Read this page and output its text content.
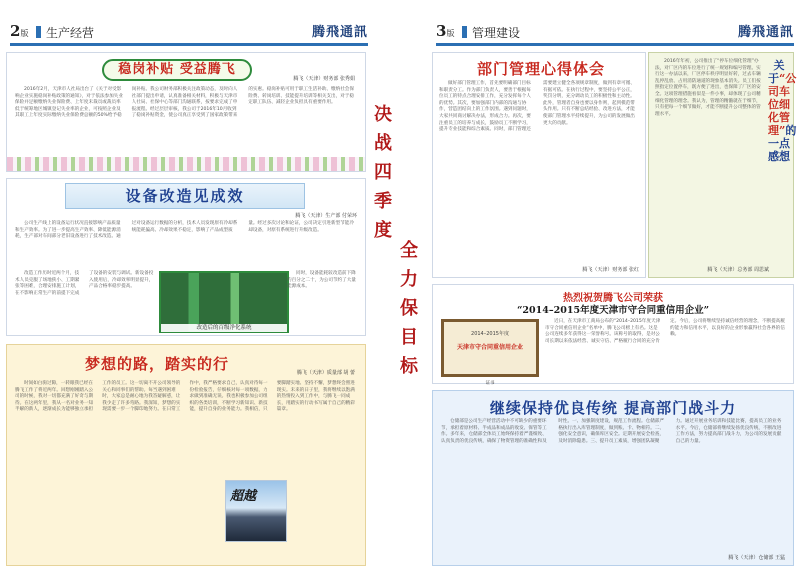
2版	生产经营	腾飛通訊
稳岗补贴 受益腾飞
腾飞（天津）财务部 张秀娟
2016年2月，天津市人社局出台了《关于对受影响企业实施稳岗补贴政策的通知》，对于依法参加失业保险并足额缴纳失业保险费、上年度未裁员或裁员率低于统筹地区城镇登记失业率的企业，可按照企业及其职工上年度实际缴纳失业保险费总额的50%给予稳岗补贴。我公司财务部积极关注政策动态，及时向人社部门提出申请，认真准备相关材料，积极与天津市人社局、社保中心等部门沟通联系，按要求完成了申报流程。经过层层审核，我公司于2016年10月收到了稳岗补贴资金，使公司真正享受到了国家政策带来的实惠。稳岗补贴可用于职工生活补助、缴纳社会保险费、转岗培训、技能提升培训等相关支出，对于稳定职工队伍、减轻企业负担具有重要作用。
设备改造见成效
腾飞（天津）生产部 付荣环
公司生产线上的设备运行状况直接影响产品质量和生产效率。为了进一步提高生产效率、降低能源消耗，生产部对车间部分老旧设备进行了技术改造。通过对设备运行数据的分析，技术人员发现原有冷却系统能耗偏高、冷却效果不稳定，影响了产品成型质量。经过多次讨论和论证，公司决定引进新型节能冷却设备，对原有系统进行升级改造。
改造工作历时近两个月，技术人员克服了场地狭小、工期紧张等困难，合理安排施工计划，在不影响正常生产的前提下完成了设备的安装与调试。新设备投入使用后，冷却效率明显提升，产品合格率稳步提高。
改造后的百级净化系统
同时，设备能耗较改造前下降约百分之二十，为公司节约了大量能源成本。
梦想的路，踏实的行	腾飞（天津）质量部 胡 蕾
时间如白驹过隙，一转眼我已经在腾飞工作了将近两年。回想刚刚踏入公司的时候，我对一切都充满了好奇与期待。在这两年里，我从一名对业务一知半解的新人，逐渐成长为能够独立承担工作的员工。这一切离不开公司领导的关心和同事们的帮助。每当遇到困难时，大家总是耐心地为我答疑解惑，让我少走了许多弯路。我深知，梦想的实现需要一步一个脚印地努力。在日常工作中，我严格要求自己，认真对待每一份检验报告，仔细核对每一项数据，力求做到准确无误。我也积极参加公司组织的各类培训，不断学习新知识、新技能，提升自身的业务能力。我相信，只要脚踏实地、坚持不懈，梦想终会照进现实。未来的日子里，我将继续以饱满的热情投入到工作中，与腾飞一同成长，用踏实的行动书写属于自己的精彩篇章。
超越
决战四季度
全力保目标
3版	管理建设	腾飛通訊
部门管理心得体会
做好部门管理工作，首先要明确部门目标和职责分工。作为部门负责人，要善于根据每位员工的特点合理安排工作，充分发挥每个人的优势。其次，要加强部门内部的沟通与协作，营造团结向上的工作氛围。遇到问题时，大家共同商讨解决办法，形成合力。再次，要注重员工的培养与成长，鼓励员工不断学习，提升专业技能和综合素质。同时，部门管理还需要建立健全各项规章制度，做到有章可循、有据可依。在执行过程中，要坚持公平公正，奖罚分明，充分调动员工的积极性和主动性。此外，管理者自身也要以身作则，起到模范带头作用。只有不断总结经验、改进方法，才能使部门管理水平持续提升，为公司的发展做出更大的贡献。
腾飞（天津）财务部 张红
2016年年初，公司推出了“停车位细化管理”办法，对厂区内的车位进行了统一规划和编号管理。实行这一办法以来，厂区停车秩序明显好转，过去车辆乱停乱放、占用消防通道的现象基本消失。员工们按照指定位置停车，既方便了进出，也保障了厂区的安全。这项管理措施看似是一件小事，却体现了公司精细化管理的理念。我认为，管理的精髓就在于细节，只有把每一个细节做好，才能不断提升公司整体的管理水平。
关于“公司车位细化管理”的一点感想
腾飞（天津）总务部 周思斌
热烈祝贺腾飞公司荣获
“2014–2015年度天津市守合同重信用企业”
2014–2015年度
天津市守合同重信用企业
证书
近日，在天津市工商局公布的“2014–2015年度天津市守合同重信用企业”名单中，腾飞公司榜上有名。这是公司连续多年获得这一荣誉称号。该称号的取得，是对公司长期以来依法经营、诚实守信、严格履行合同的充分肯定。今后，公司将继续坚持诚信经营的理念，不断提高履约能力和信用水平，以良好的企业形象赢得社会各界的信赖。
继续保持优良传统 提高部门战斗力
仓储部是公司生产经营活动中不可缺少的重要环节，承担着原材料、半成品和成品的收发、保管等工作。多年来，仓储部全体员工始终保持着严谨细致、认真负责的优良传统，确保了物资管理的准确性和及时性。一、加强制度建设，规范工作流程。仓储部严格执行出入库管理制度，做到账、卡、物相符。二、强化安全意识，确保库区安全。定期开展安全检查，及时消除隐患。三、提升员工素质，增强团队凝聚力。通过开展业务培训和技能比赛，提高员工的业务水平。今后，仓储部将继续发扬优良传统，不断改进工作方法，努力提高部门战斗力，为公司的发展贡献自己的力量。
腾飞（天津）仓储部 王猛
